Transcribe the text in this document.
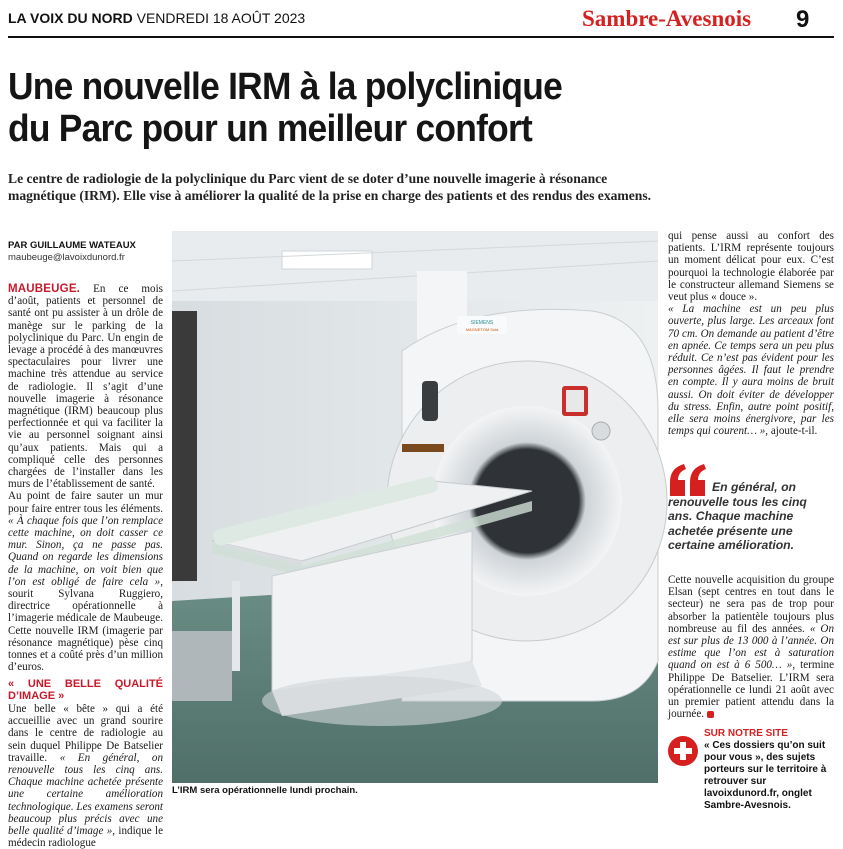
LA VOIX DU NORD VENDREDI 18 AOÛT 2023	Sambre-Avesnois 9
Une nouvelle IRM à la polyclinique du Parc pour un meilleur confort

Le centre de radiologie de la polyclinique du Parc vient de se doter d’une nouvelle imagerie à résonance magnétique (IRM). Elle vise à améliorer la qualité de la prise en charge des patients et des rendus des examens.

PAR GUILLAUME WATEAUX
maubeuge@lavoixdunord.fr

MAUBEUGE. En ce mois d’août, patients et personnel de santé ont pu assister à un drôle de manège sur le parking de la polyclinique du Parc. Un engin de levage a procédé à des manœuvres spectaculaires pour livrer une machine très attendue au service de radiologie. Il s’agit d’une nouvelle imagerie à résonance magnétique (IRM) beaucoup plus perfectionnée et qui va faciliter la vie au personnel soignant ainsi qu’aux patients. Mais qui a compliqué celle des personnes chargées de l’installer dans les murs de l’établissement de santé.

Au point de faire sauter un mur pour faire entrer tous les éléments. « À chaque fois que l’on remplace cette machine, on doit casser ce mur. Sinon, ça ne passe pas. Quand on regarde les dimensions de la machine, on voit bien que l’on est obligé de faire cela », sourit Sylvana Ruggiero, directrice opérationnelle à l’imagerie médicale de Maubeuge. Cette nouvelle IRM (imagerie par résonance magnétique) pèse cinq tonnes et a coûté près d’un million d’euros.

« UNE BELLE QUALITÉ D’IMAGE »

Une belle « bête » qui a été accueillie avec un grand sourire dans le centre de radiologie au sein duquel Philippe De Batselier travaille. « En général, on renouvelle tous les cinq ans. Chaque machine achetée présente une certaine amélioration technologique. Les examens seront beaucoup plus précis avec une belle qualité d’image », indique le médecin radiologue

SIEMENS
MAGNETOM Sola
L’IRM sera opérationnelle lundi prochain.

qui pense aussi au confort des patients. L’IRM représente toujours un moment délicat pour eux. C’est pourquoi la technologie élaborée par le constructeur allemand Siemens se veut plus « douce ».

« La machine est un peu plus ouverte, plus large. Les arceaux font 70 cm. On demande au patient d’être en apnée. Ce temps sera un peu plus réduit. Ce n’est pas évident pour les personnes âgées. Il faut le prendre en compte. Il y aura moins de bruit aussi. On doit éviter de développer du stress. Enfin, autre point positif, elle sera moins énergivore, par les temps qui courent… », ajoute-t-il.

En général, on renouvelle tous les cinq ans. Chaque machine achetée présente une certaine amélioration.

Cette nouvelle acquisition du groupe Elsan (sept centres en tout dans le secteur) ne sera pas de trop pour absorber la patientèle toujours plus nombreuse au fil des années. « On est sur plus de 13 000 à l’année. On estime que l’on est à saturation quand on est à 6 500… », termine Philippe De Batselier. L’IRM sera opérationnelle ce lundi 21 août avec un premier patient attendu dans la journée.

SUR NOTRE SITE
« Ces dossiers qu’on suit pour vous », des sujets porteurs sur le territoire à retrouver sur lavoixdunord.fr, onglet Sambre-Avesnois.
